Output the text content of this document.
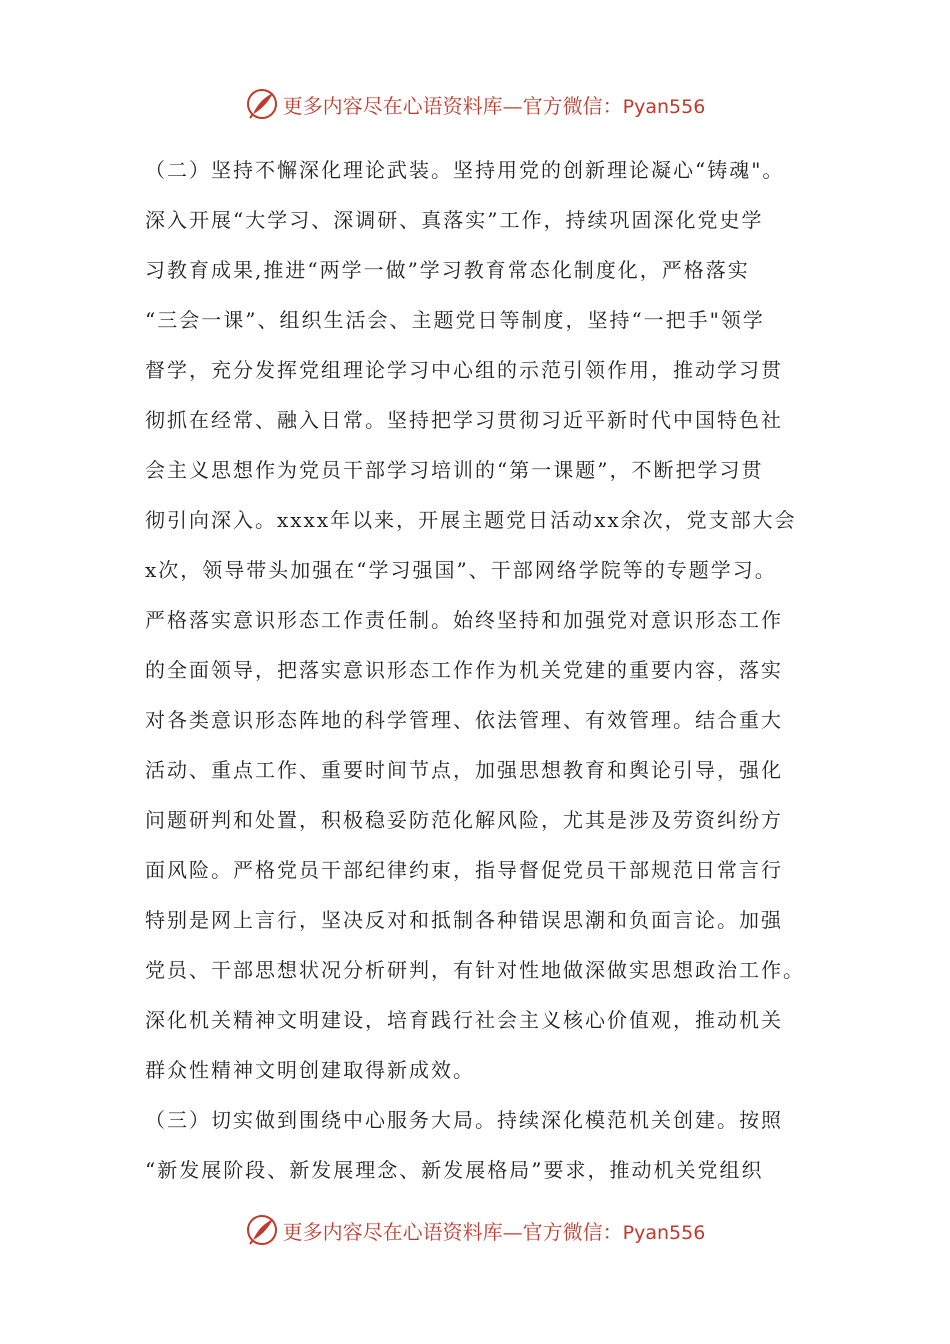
更多内容尽在心语资料库—官方微信：Pyan556
（二）坚持不懈深化理论武装。坚持用党的创新理论凝心“铸魂"。
深入开展“大学习、深调研、真落实”工作，持续巩固深化党史学
习教育成果,推进“两学一做”学习教育常态化制度化，严格落实
“三会一课”、组织生活会、主题党日等制度，坚持“一把手"领学
督学，充分发挥党组理论学习中心组的示范引领作用，推动学习贯
彻抓在经常、融入日常。坚持把学习贯彻习近平新时代中国特色社
会主义思想作为党员干部学习培训的“第一课题”，不断把学习贯
彻引向深入。xxxx年以来，开展主题党日活动xx余次，党支部大会
x次，领导带头加强在“学习强国”、干部网络学院等的专题学习。
严格落实意识形态工作责任制。始终坚持和加强党对意识形态工作
的全面领导，把落实意识形态工作作为机关党建的重要内容，落实
对各类意识形态阵地的科学管理、依法管理、有效管理。结合重大
活动、重点工作、重要时间节点，加强思想教育和舆论引导，强化
问题研判和处置，积极稳妥防范化解风险，尤其是涉及劳资纠纷方
面风险。严格党员干部纪律约束，指导督促党员干部规范日常言行
特别是网上言行，坚决反对和抵制各种错误思潮和负面言论。加强
党员、干部思想状况分析研判，有针对性地做深做实思想政治工作。
深化机关精神文明建设，培育践行社会主义核心价值观，推动机关
群众性精神文明创建取得新成效。
（三）切实做到围绕中心服务大局。持续深化模范机关创建。按照
“新发展阶段、新发展理念、新发展格局”要求，推动机关党组织
更多内容尽在心语资料库—官方微信：Pyan556
